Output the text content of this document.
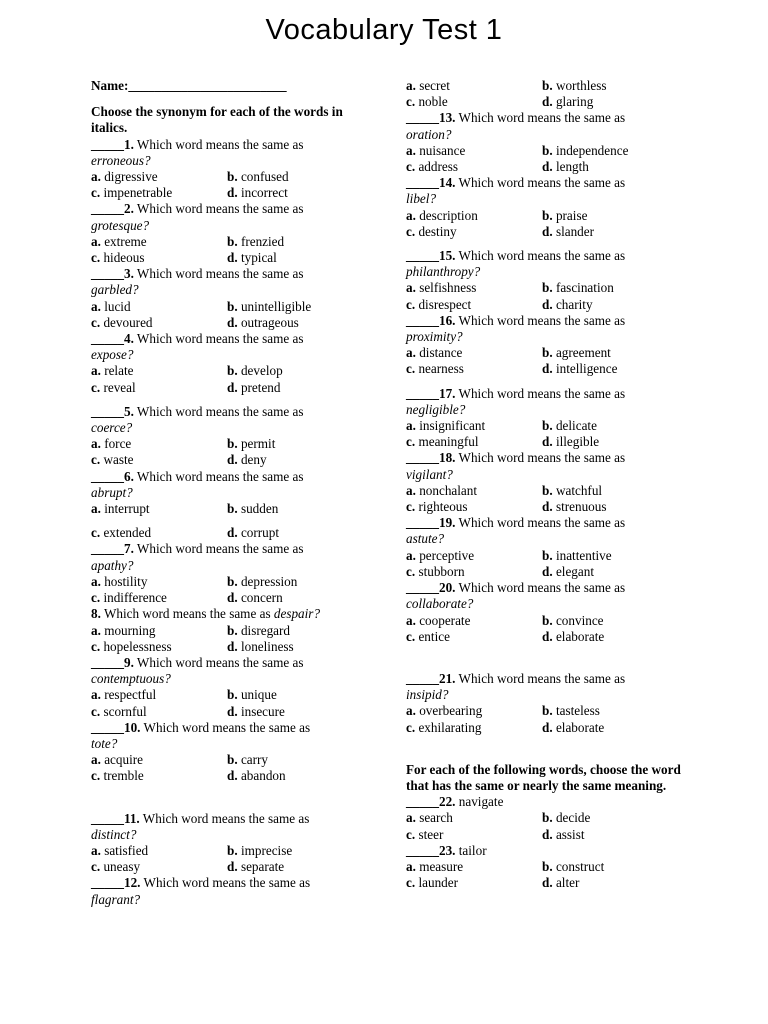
Vocabulary Test 1
Name:________________________
Choose the synonym for each of the words in italics.
_____1. Which word means the same as
erroneous?
a. digressive	b. confused
c. impenetrable	d. incorrect
_____2. Which word means the same as
grotesque?
a. extreme	b. frenzied
c. hideous	d. typical
_____3. Which word means the same as
garbled?
a. lucid	b. unintelligible
c. devoured	d. outrageous
_____4. Which word means the same as
expose?
a. relate	b. develop
c. reveal	d. pretend
_____5. Which word means the same as
coerce?
a. force	b. permit
c. waste	d. deny
_____6. Which word means the same as
abrupt?
a. interrupt	b. sudden
c. extended	d. corrupt
_____7. Which word means the same as
apathy?
a. hostility	b. depression
c. indifference	d. concern
8. Which word means the same as despair?
a. mourning	b. disregard
c. hopelessness	d. loneliness
_____9. Which word means the same as
contemptuous?
a. respectful	b. unique
c. scornful	d. insecure
_____10. Which word means the same as
tote?
a. acquire	b. carry
c. tremble	d. abandon
_____11. Which word means the same as
distinct?
a. satisfied	b. imprecise
c. uneasy	d. separate
_____12. Which word means the same as
flagrant?
a. secret	b. worthless
c. noble	d. glaring
_____13. Which word means the same as
oration?
a. nuisance	b. independence
c. address	d. length
_____14. Which word means the same as
libel?
a. description	b. praise
c. destiny	d. slander
_____15. Which word means the same as
philanthropy?
a. selfishness	b. fascination
c. disrespect	d. charity
_____16. Which word means the same as
proximity?
a. distance	b. agreement
c. nearness	d. intelligence
_____17. Which word means the same as
negligible?
a. insignificant	b. delicate
c. meaningful	d. illegible
_____18. Which word means the same as
vigilant?
a. nonchalant	b. watchful
c. righteous	d. strenuous
_____19. Which word means the same as
astute?
a. perceptive	b. inattentive
c. stubborn	d. elegant
_____20. Which word means the same as
collaborate?
a. cooperate	b. convince
c. entice	d. elaborate
_____21. Which word means the same as
insipid?
a. overbearing	b. tasteless
c. exhilarating	d. elaborate
For each of the following words, choose the word that has the same or nearly the same meaning.
_____22. navigate
a. search	b. decide
c. steer	d. assist
_____23. tailor
a. measure	b. construct
c. launder	d. alter
